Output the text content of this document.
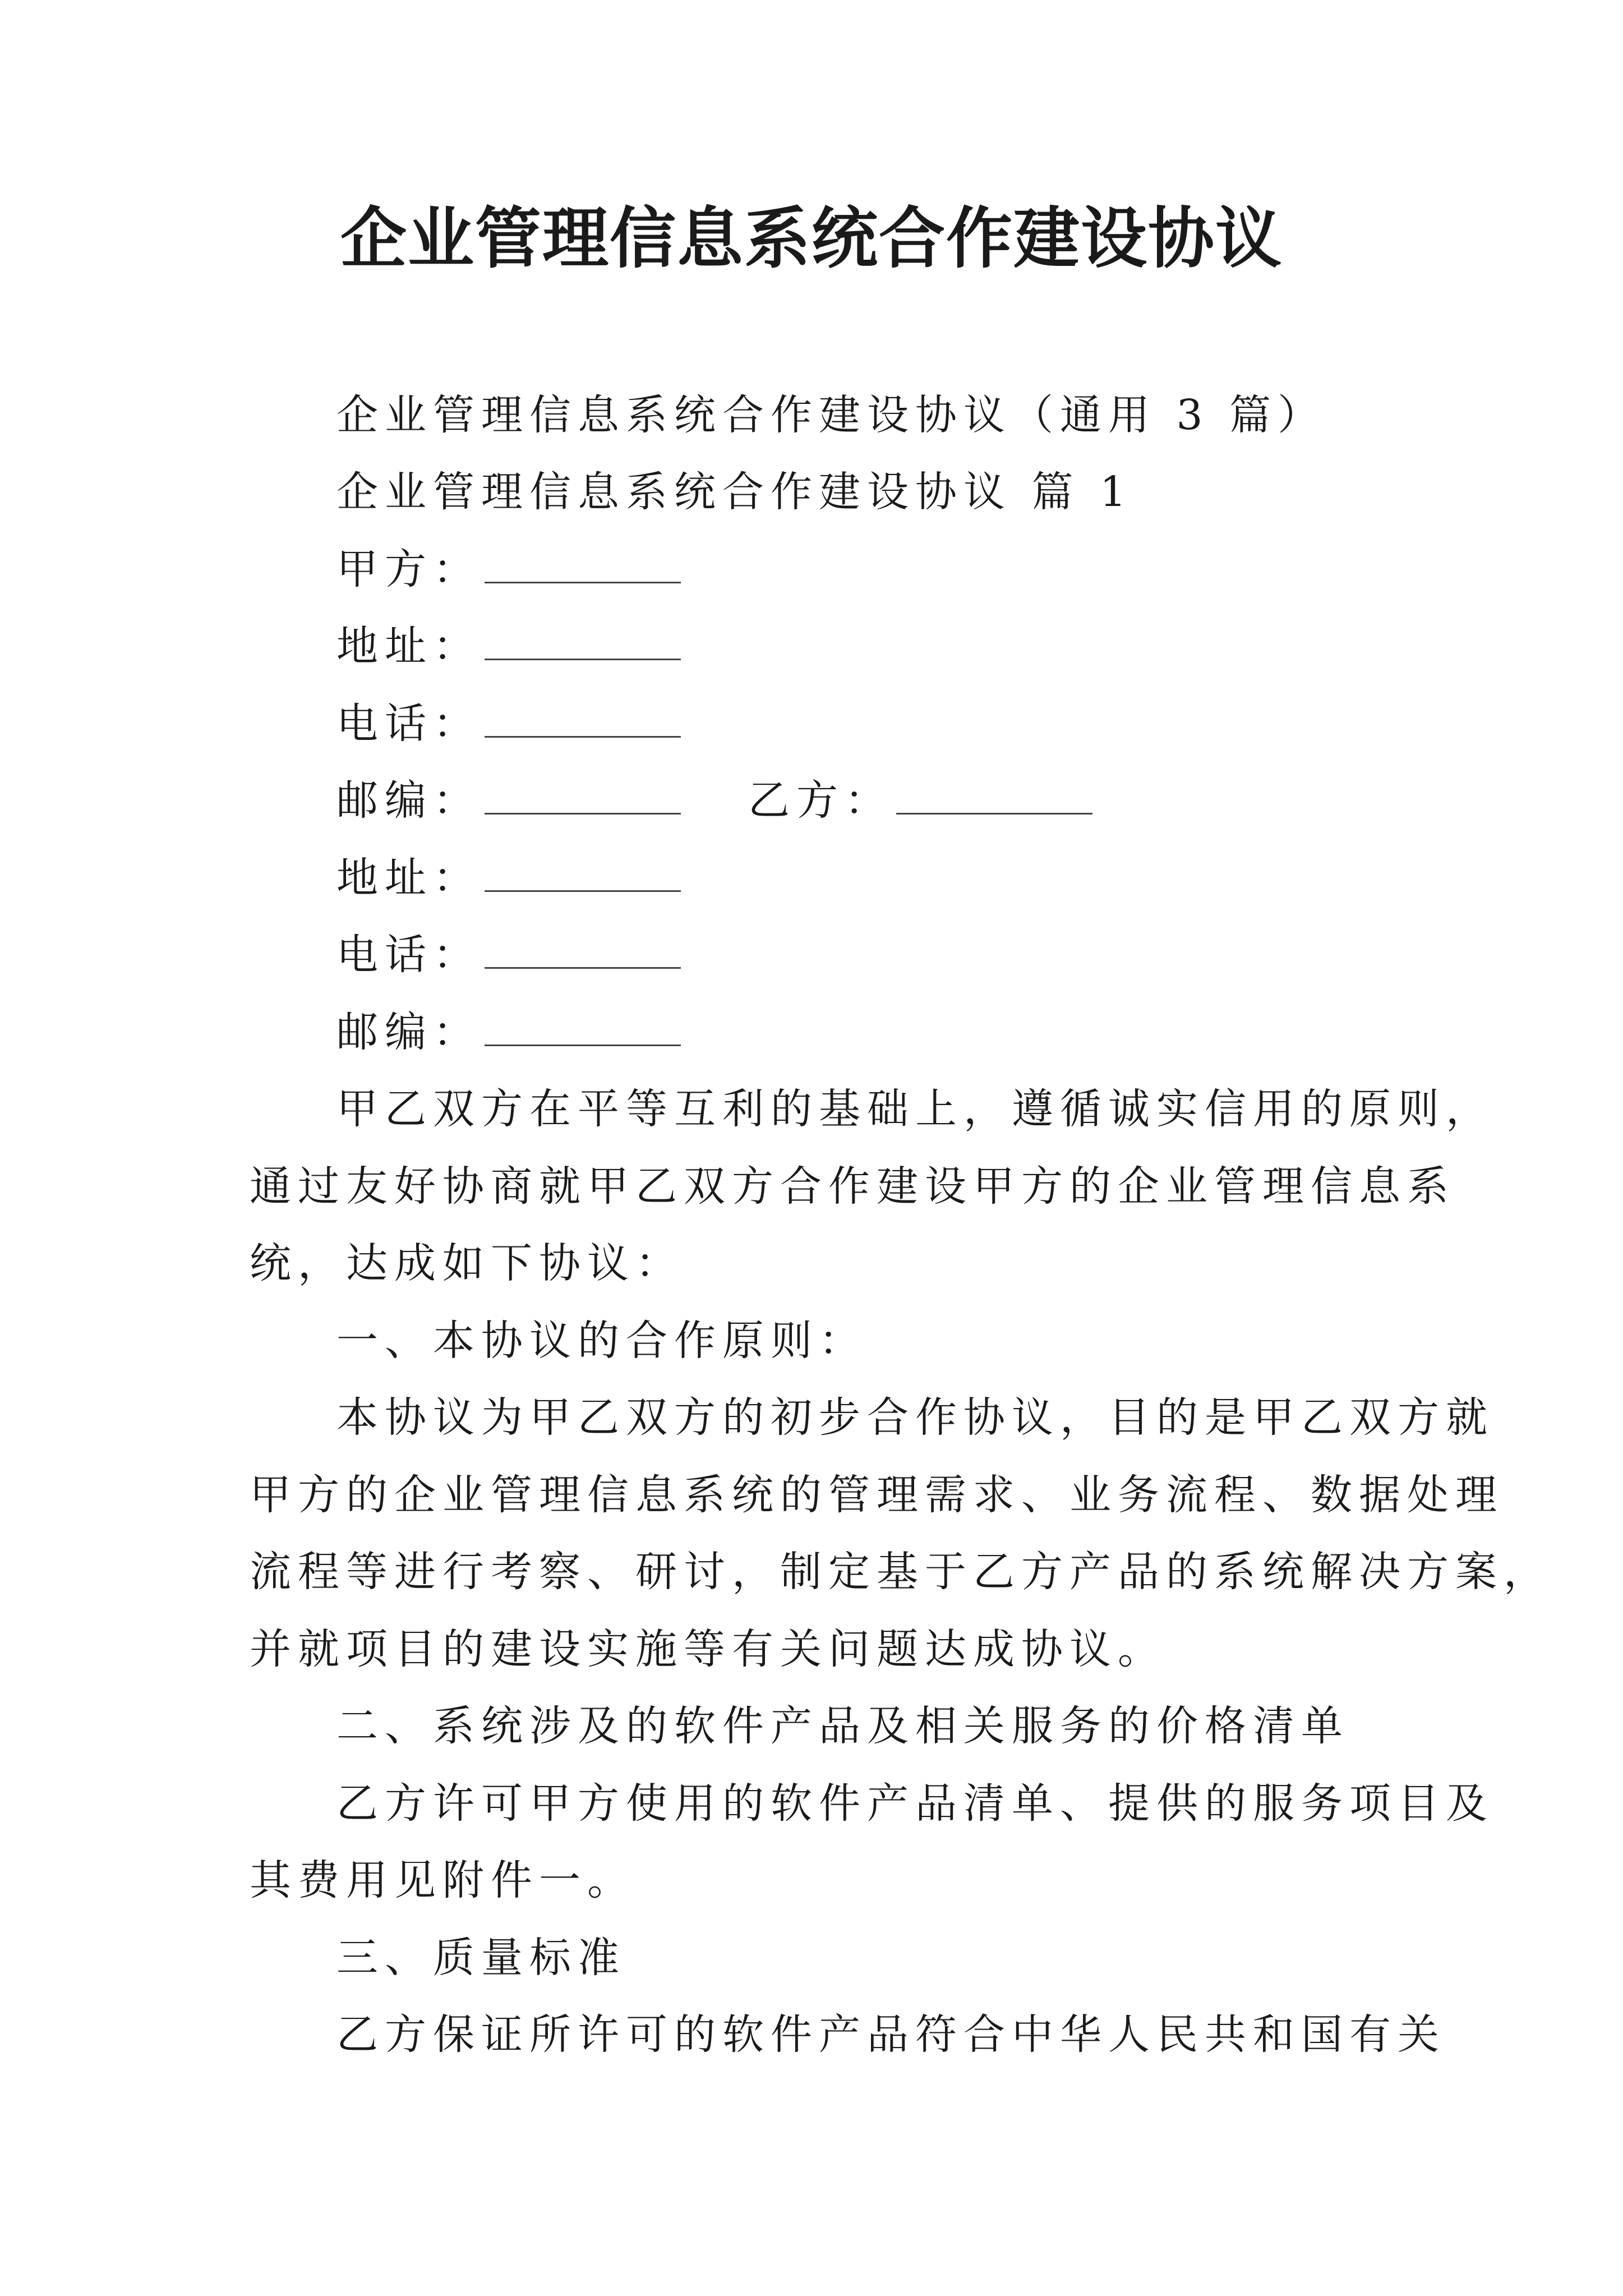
企业管理信息系统合作建设协议
企业管理信息系统合作建设协议（通用 3 篇）
企业管理信息系统合作建设协议 篇 1
甲方：
地址：
电话：
邮编：	乙方：
地址：
电话：
邮编：
甲乙双方在平等互利的基础上，遵循诚实信用的原则，
通过友好协商就甲乙双方合作建设甲方的企业管理信息系
统，达成如下协议：
一、本协议的合作原则：
本协议为甲乙双方的初步合作协议，目的是甲乙双方就
甲方的企业管理信息系统的管理需求、业务流程、数据处理
流程等进行考察、研讨，制定基于乙方产品的系统解决方案，
并就项目的建设实施等有关问题达成协议。
二、系统涉及的软件产品及相关服务的价格清单
乙方许可甲方使用的软件产品清单、提供的服务项目及
其费用见附件一。
三、质量标准
乙方保证所许可的软件产品符合中华人民共和国有关
